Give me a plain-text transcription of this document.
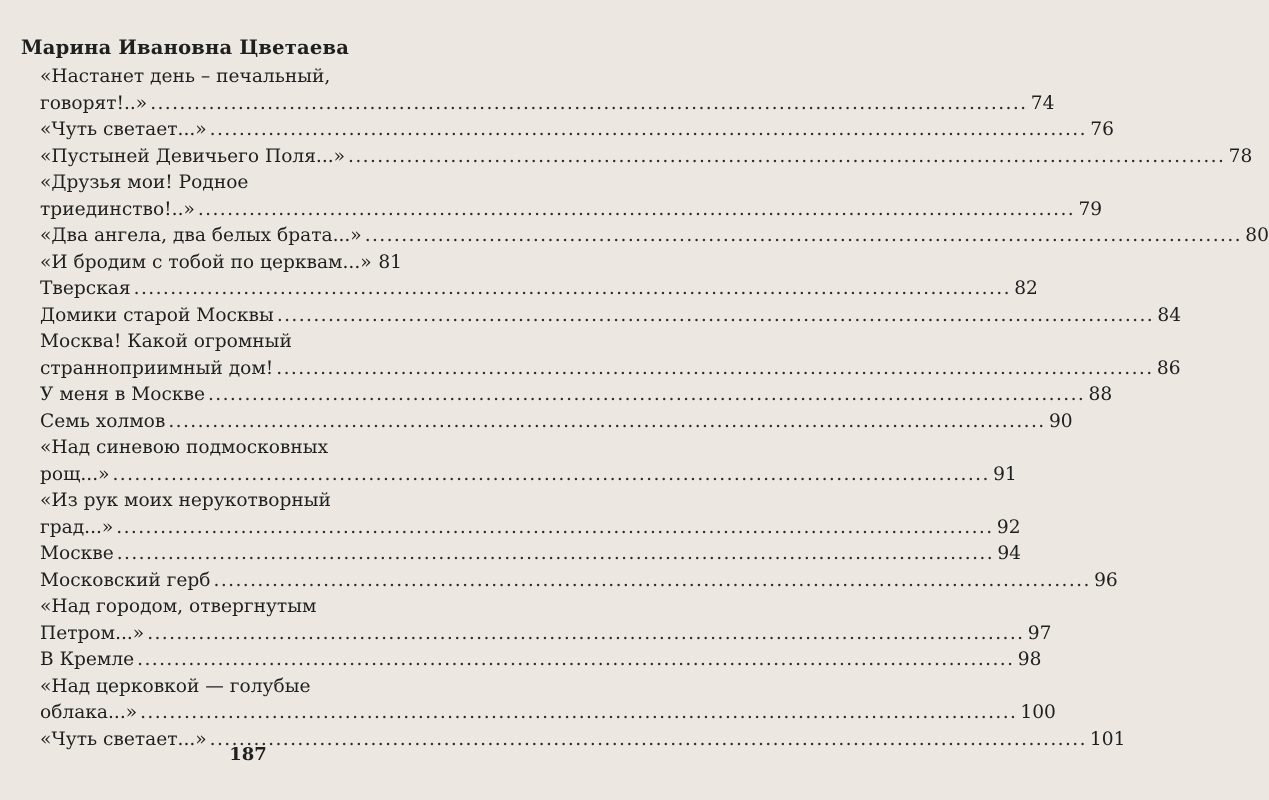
Марина Ивановна Цветаева
«Настанет день – печальный,
говорят!..» ........................................................................................................................ 74
«Чуть светает...» ........................................................................................................................ 76
«Пустыней Девичьего Поля...» ........................................................................................................................ 78
«Друзья мои! Родное
триединство!..» ........................................................................................................................ 79
«Два ангела, два белых брата...» ........................................................................................................................ 80
«И бродим с тобой по церквам...» 81
Тверская ........................................................................................................................ 82
Домики старой Москвы ........................................................................................................................ 84
Москва! Какой огромный
странноприимный дом! ........................................................................................................................ 86
У меня в Москве ........................................................................................................................ 88
Семь холмов ........................................................................................................................ 90
«Над синевою подмосковных
рощ...» ........................................................................................................................ 91
«Из рук моих нерукотворный
град...» ........................................................................................................................ 92
Москве ........................................................................................................................ 94
Московский герб ........................................................................................................................ 96
«Над городом, отвергнутым
Петром...» ........................................................................................................................ 97
В Кремле ........................................................................................................................ 98
«Над церковкой — голубые
облака...» ........................................................................................................................ 100
«Чуть светает...» ........................................................................................................................ 101
187
